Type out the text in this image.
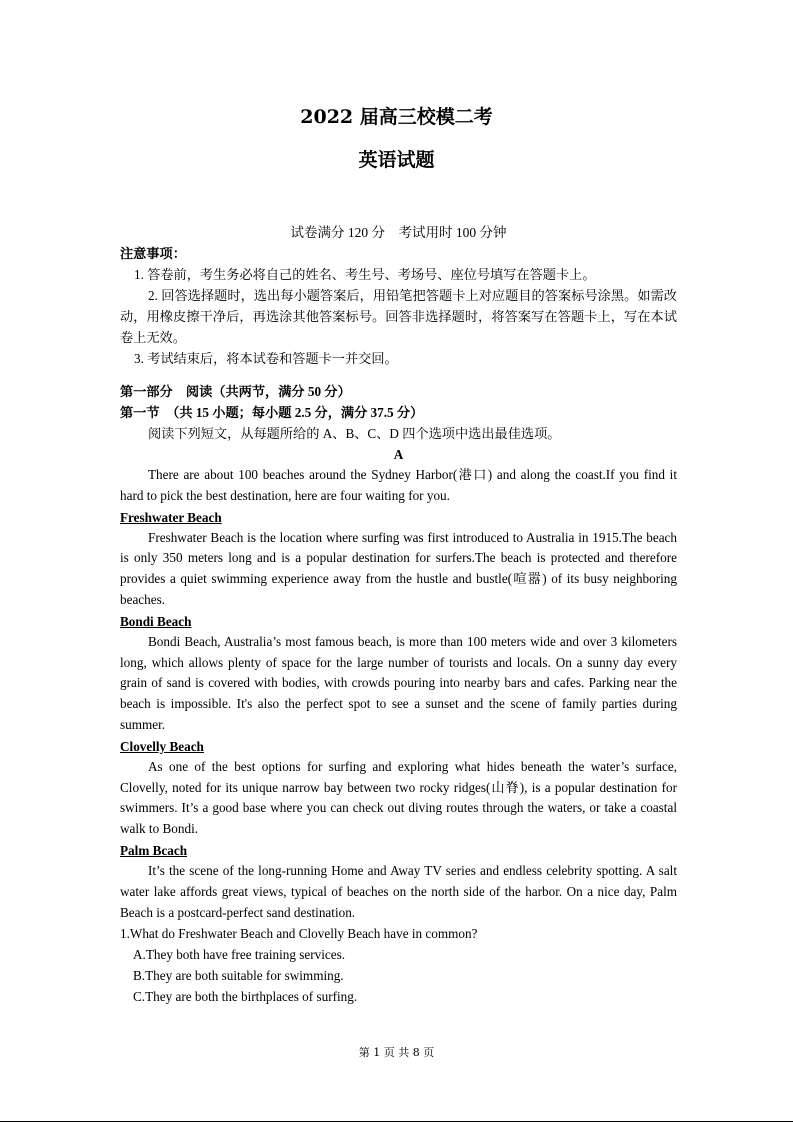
2022 届高三校模二考
英语试题
试卷满分 120 分　考试用时 100 分钟
注意事项：
1. 答卷前，考生务必将自己的姓名、考生号、考场号、座位号填写在答题卡上。

2. 回答选择题时，选出每小题答案后，用铅笔把答题卡上对应题目的答案标号涂黑。如需改动，用橡皮擦干净后，再选涂其他答案标号。回答非选择题时，将答案写在答题卡上，写在本试卷上无效。

3. 考试结束后，将本试卷和答题卡一并交回。
第一部分　阅读（共两节，满分 50 分）
第一节　（共 15 小题；每小题 2.5 分，满分 37.5 分）
阅读下列短文，从每题所给的 A、B、C、D 四个选项中选出最佳选项。
A

There are about 100 beaches around the Sydney Harbor(港口) and along the coast.If you find it hard to pick the best destination, here are four waiting for you.

Freshwater Beach

Freshwater Beach is the location where surfing was first introduced to Australia in 1915.The beach is only 350 meters long and is a popular destination for surfers.The beach is protected and therefore provides a quiet swimming experience away from the hustle and bustle(喧嚣) of its busy neighboring beaches.

Bondi Beach

Bondi Beach, Australia’s most famous beach, is more than 100 meters wide and over 3 kilometers long, which allows plenty of space for the large number of tourists and locals. On a sunny day every grain of sand is covered with bodies, with crowds pouring into nearby bars and cafes. Parking near the beach is impossible. It's also the perfect spot to see a sunset and the scene of family parties during summer.

Clovelly Beach

As one of the best options for surfing and exploring what hides beneath the water’s surface, Clovelly, noted for its unique narrow bay between two rocky ridges(山脊), is a popular destination for swimmers. It’s a good base where you can check out diving routes through the waters, or take a coastal walk to Bondi.

Palm Bcach

It’s the scene of the long-running Home and Away TV series and endless celebrity spotting. A salt water lake affords great views, typical of beaches on the north side of the harbor. On a nice day, Palm Beach is a postcard-perfect sand destination.

1.What do Freshwater Beach and Clovelly Beach have in common?
A.They both have free training services.
B.They are both suitable for swimming.
C.They are both the birthplaces of surfing.
第 1 页 共 8 页
